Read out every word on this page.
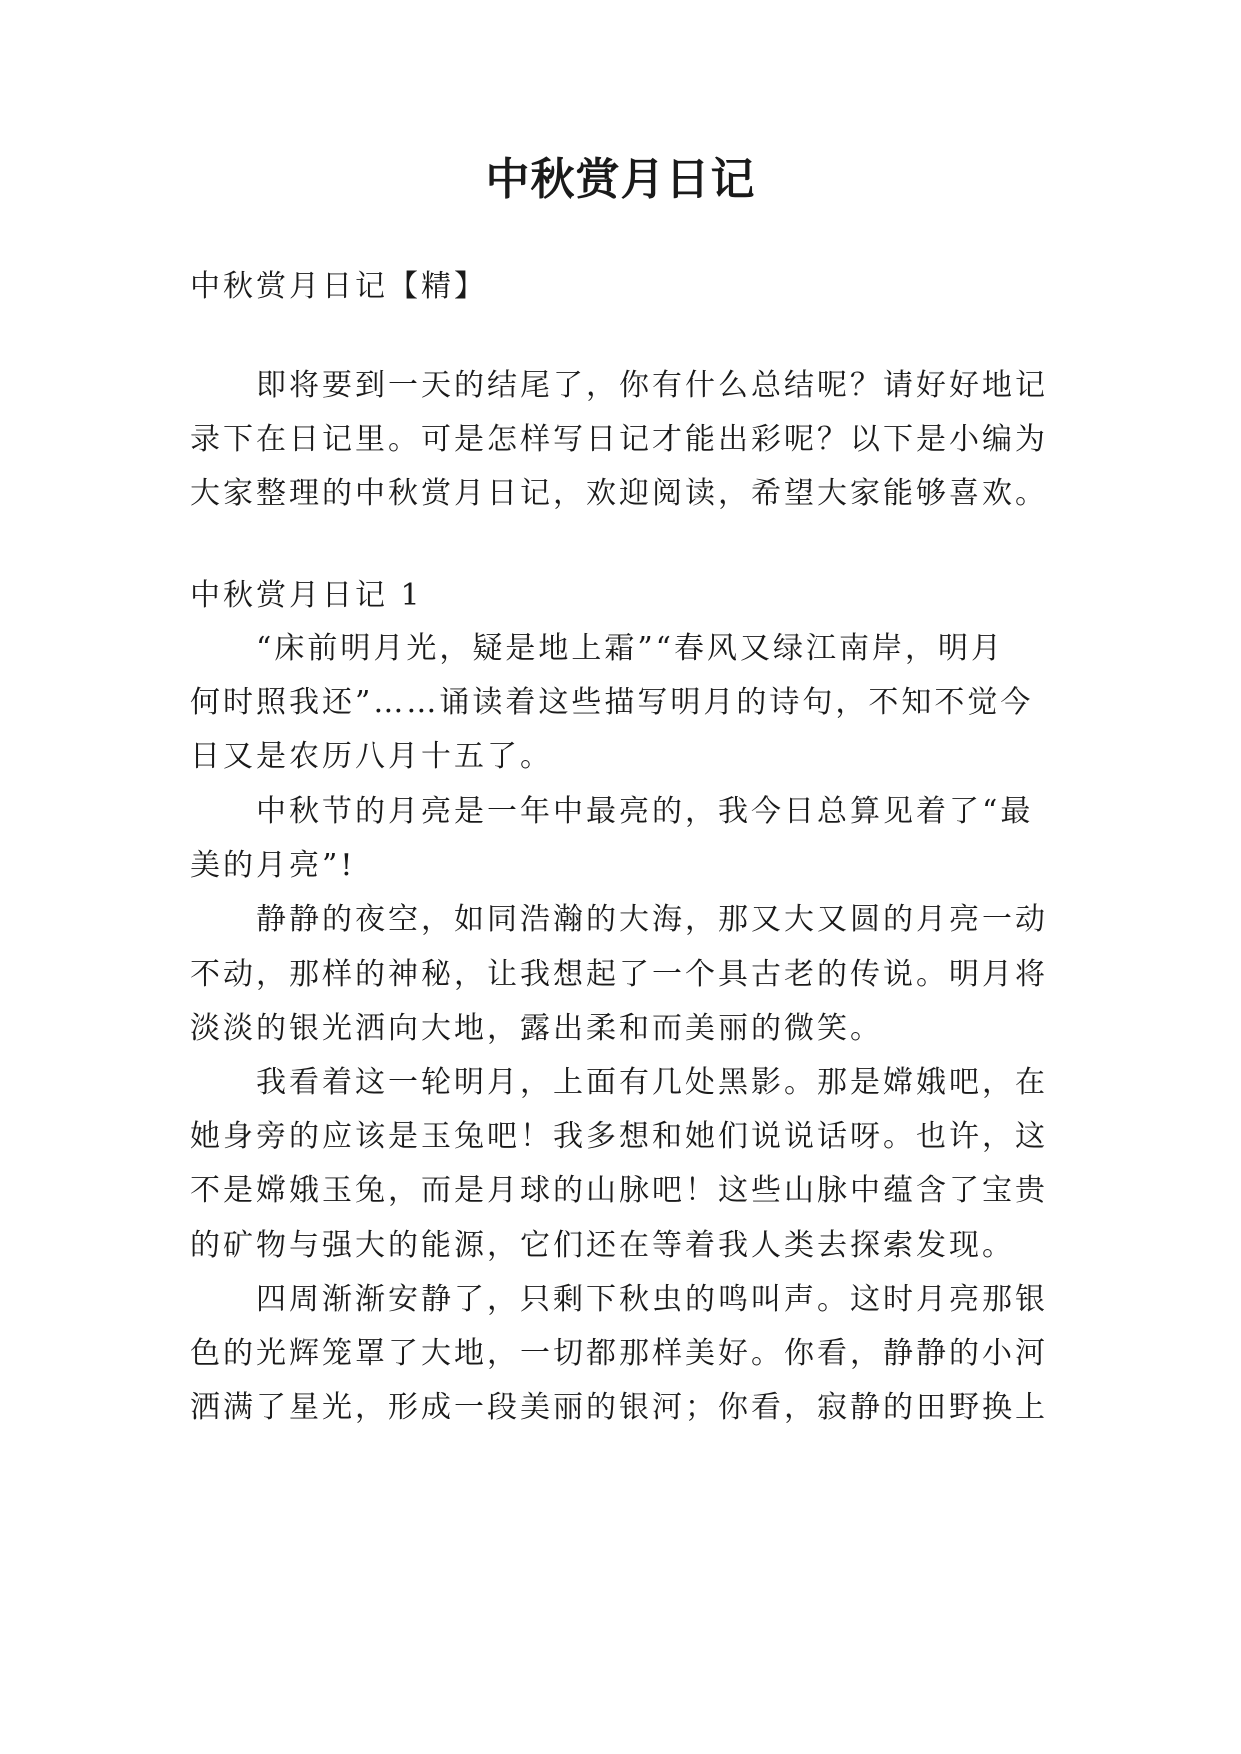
中秋赏月日记
中秋赏月日记【精】
即将要到一天的结尾了，你有什么总结呢？请好好地记
录下在日记里。可是怎样写日记才能出彩呢？以下是小编为
大家整理的中秋赏月日记，欢迎阅读，希望大家能够喜欢。
中秋赏月日记 1
“床前明月光，疑是地上霜”“春风又绿江南岸，明月
何时照我还”……诵读着这些描写明月的诗句，不知不觉今
日又是农历八月十五了。
中秋节的月亮是一年中最亮的，我今日总算见着了“最
美的月亮”!
静静的夜空，如同浩瀚的大海，那又大又圆的月亮一动
不动，那样的神秘，让我想起了一个具古老的传说。明月将
淡淡的银光洒向大地，露出柔和而美丽的微笑。
我看着这一轮明月，上面有几处黑影。那是嫦娥吧，在
她身旁的应该是玉兔吧！我多想和她们说说话呀。也许，这
不是嫦娥玉兔，而是月球的山脉吧！这些山脉中蕴含了宝贵
的矿物与强大的能源，它们还在等着我人类去探索发现。
四周渐渐安静了，只剩下秋虫的鸣叫声。这时月亮那银
色的光辉笼罩了大地，一切都那样美好。你看，静静的小河
洒满了星光，形成一段美丽的银河；你看，寂静的田野换上
